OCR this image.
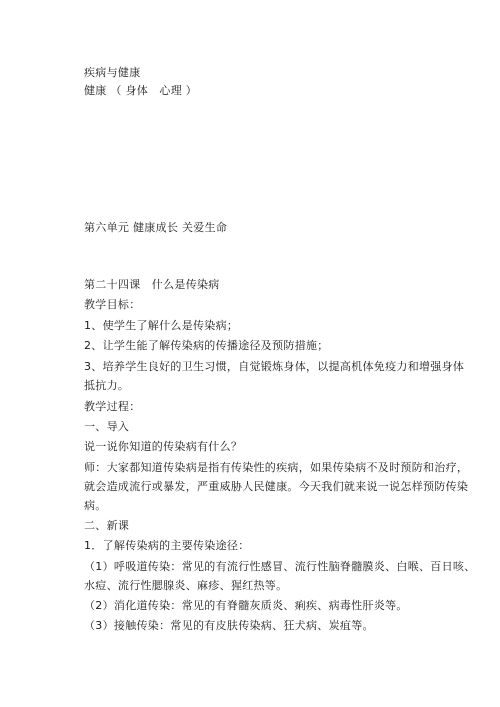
疾病与健康
健康 （ 身体　心理 ）
第六单元 健康成长 关爱生命
第二十四课　什么是传染病
教学目标：
1、使学生了解什么是传染病；
2、让学生能了解传染病的传播途径及预防措施；
3、培养学生良好的卫生习惯，自觉锻炼身体，以提高机体免疫力和增强身体
抵抗力。
教学过程：
一、导入
说一说你知道的传染病有什么？
师：大家都知道传染病是指有传染性的疾病，如果传染病不及时预防和治疗，
就会造成流行或暴发，严重威胁人民健康。今天我们就来说一说怎样预防传染
病。
二、新课
1．了解传染病的主要传染途径：
（1）呼吸道传染：常见的有流行性感冒、流行性脑脊髓膜炎、白喉、百日咳、
水痘、流行性腮腺炎、麻疹、猩红热等。
（2）消化道传染：常见的有脊髓灰质炎、痢疾、病毒性肝炎等。
（3）接触传染：常见的有皮肤传染病、狂犬病、炭疽等。
